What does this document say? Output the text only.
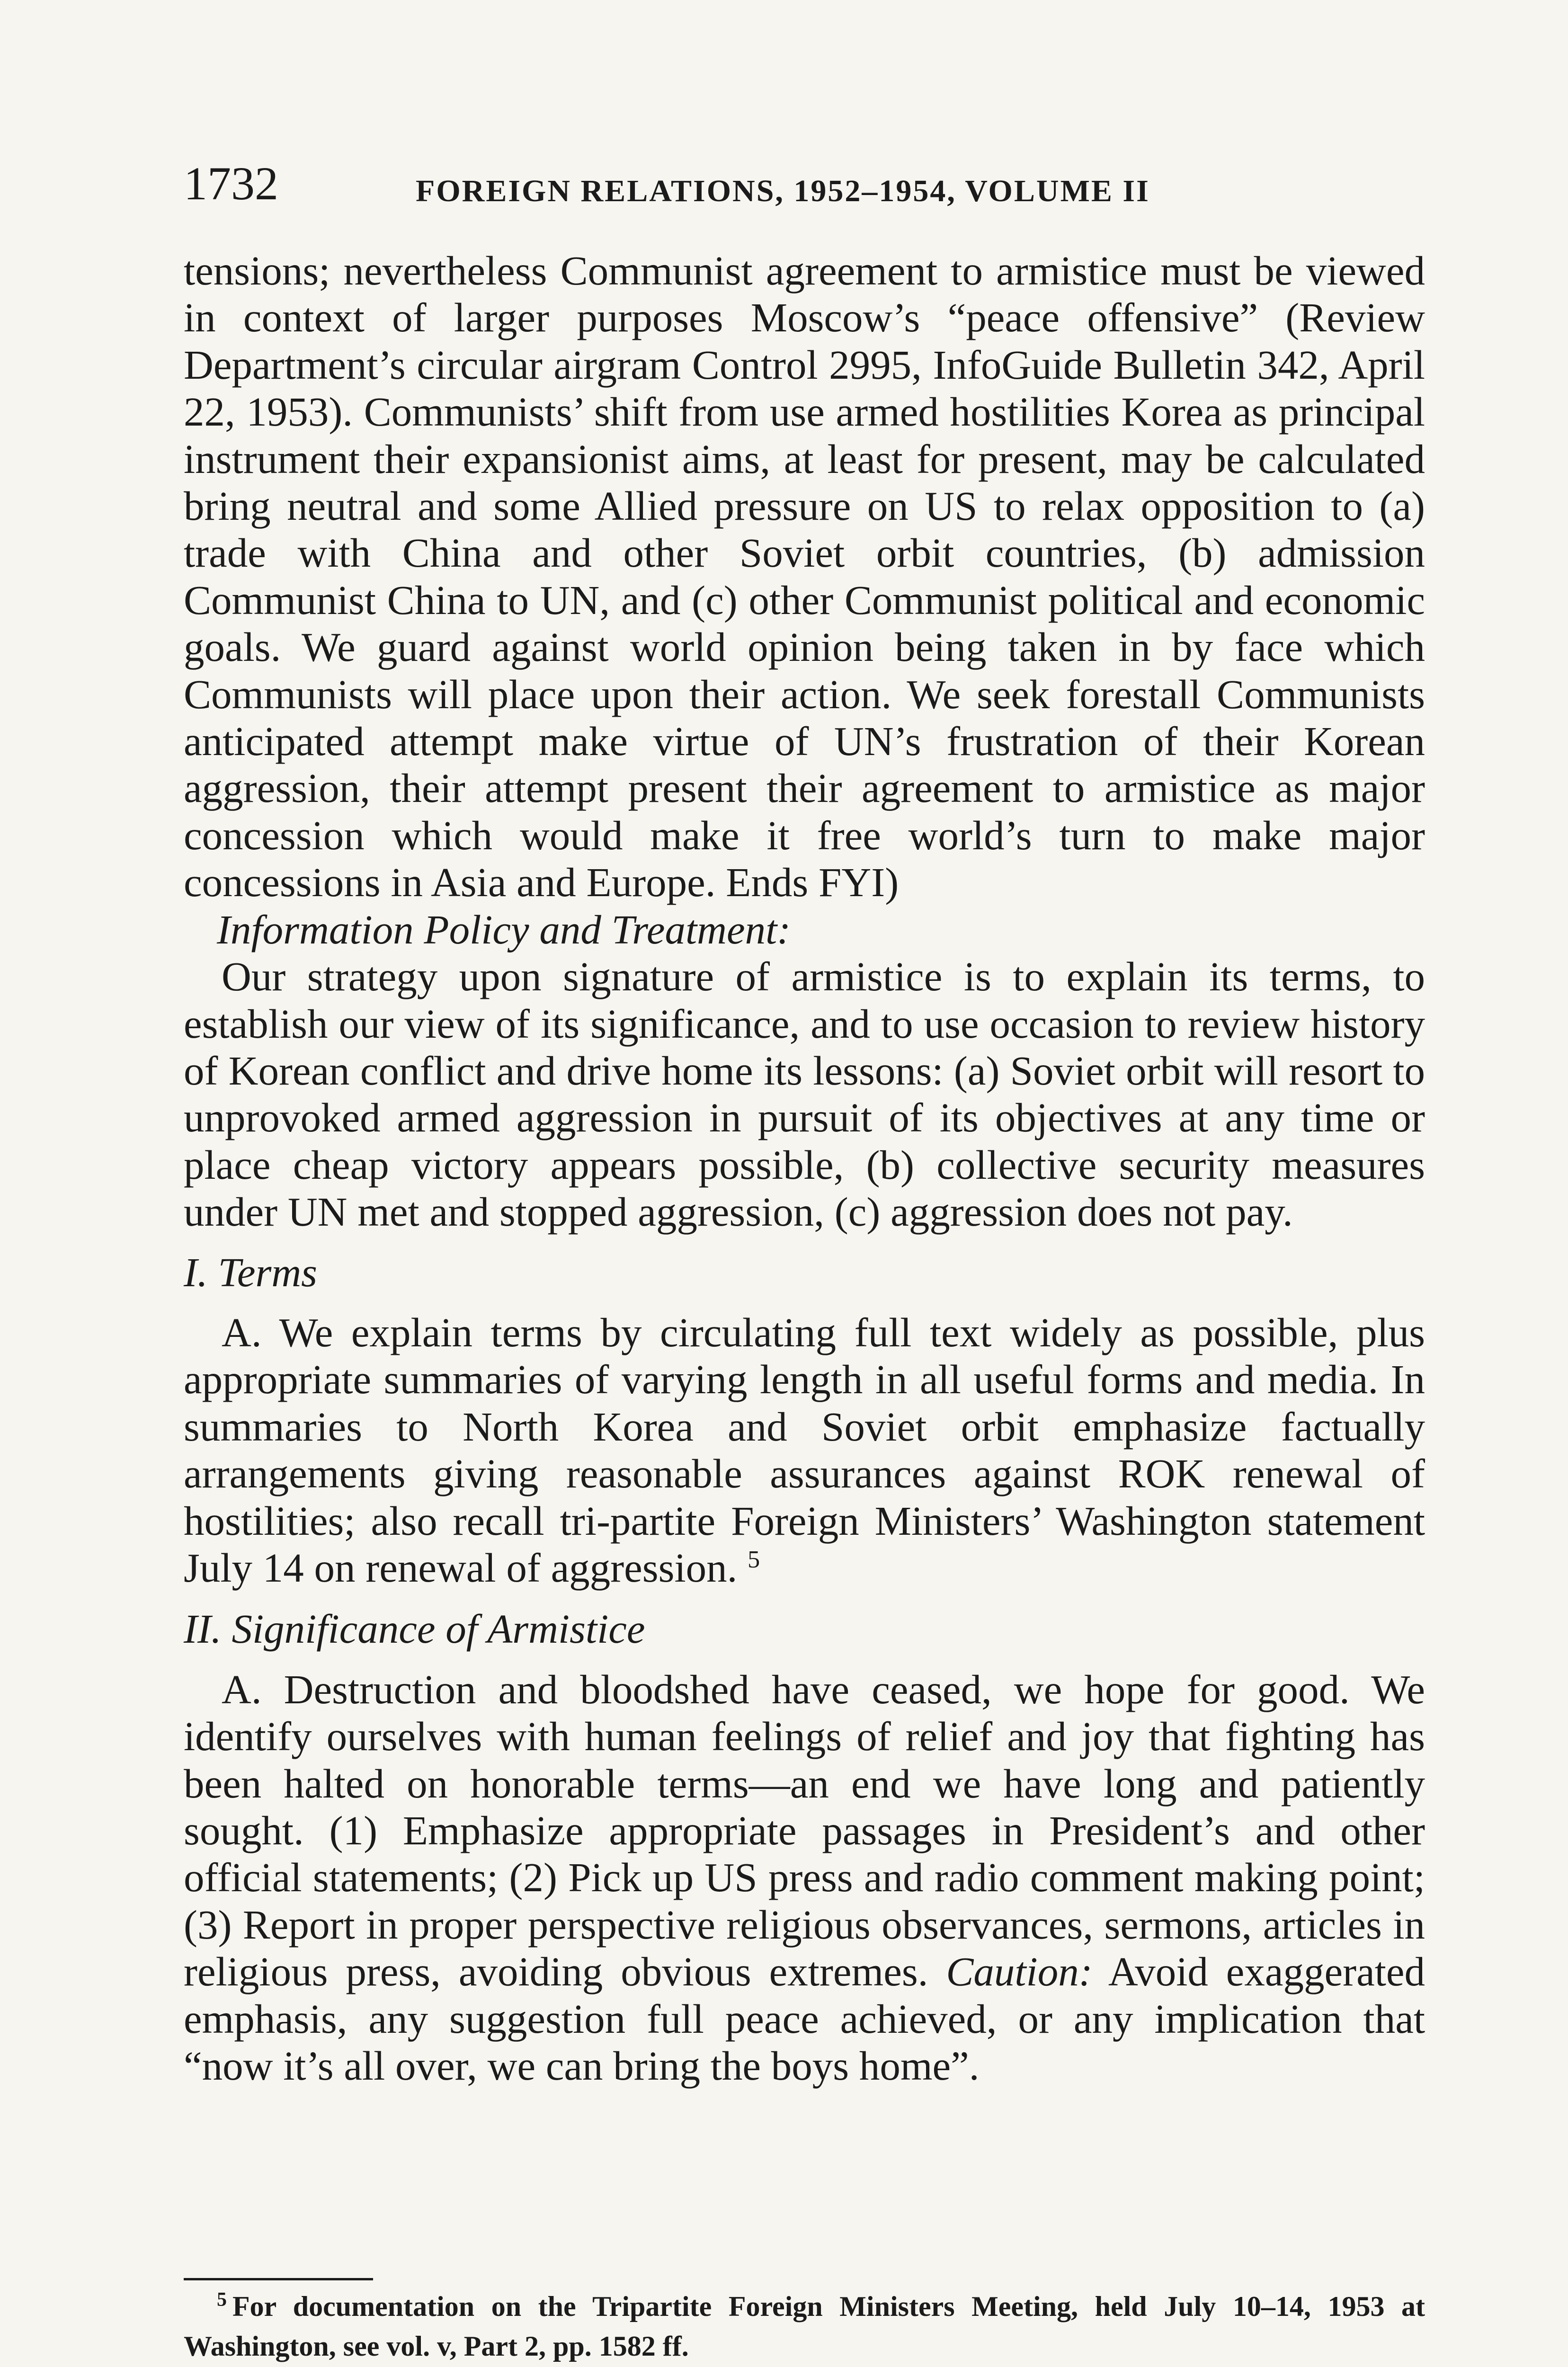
1732	FOREIGN RELATIONS, 1952–1954, VOLUME II

tensions; nevertheless Communist agreement to armistice must be viewed in context of larger purposes Moscow’s “peace offensive” (Review Department’s circular airgram Control 2995, InfoGuide Bulletin 342, April 22, 1953). Communists’ shift from use armed hostilities Korea as principal instrument their expansionist aims, at least for present, may be calculated bring neutral and some Allied pressure on US to relax opposition to (a) trade with China and other Soviet orbit countries, (b) admission Communist China to UN, and (c) other Communist political and economic goals. We guard against world opinion being taken in by face which Communists will place upon their action. We seek forestall Communists anticipated attempt make virtue of UN’s frustration of their Korean aggression, their attempt present their agreement to armistice as major concession which would make it free world’s turn to make major concessions in Asia and Europe. Ends FYI)

Information Policy and Treatment:

Our strategy upon signature of armistice is to explain its terms, to establish our view of its significance, and to use occasion to review history of Korean conflict and drive home its lessons: (a) Soviet orbit will resort to unprovoked armed aggression in pursuit of its objectives at any time or place cheap victory appears possible, (b) collective security measures under UN met and stopped aggression, (c) aggression does not pay.

I. Terms

A. We explain terms by circulating full text widely as possible, plus appropriate summaries of varying length in all useful forms and media. In summaries to North Korea and Soviet orbit emphasize factually arrangements giving reasonable assurances against ROK renewal of hostilities; also recall tri-partite Foreign Ministers’ Washington statement July 14 on renewal of aggression. $^5$

II. Significance of Armistice

A. Destruction and bloodshed have ceased, we hope for good. We identify ourselves with human feelings of relief and joy that fighting has been halted on honorable terms—an end we have long and patiently sought. (1) Emphasize appropriate passages in President’s and other official statements; (2) Pick up US press and radio comment making point; (3) Report in proper perspective religious observances, sermons, articles in religious press, avoiding obvious extremes. Caution: Avoid exaggerated emphasis, any suggestion full peace achieved, or any implication that “now it’s all over, we can bring the boys home”.

$^5$ For documentation on the Tripartite Foreign Ministers Meeting, held July 10–14, 1953 at Washington, see vol. v, Part 2, pp. 1582 ff.
